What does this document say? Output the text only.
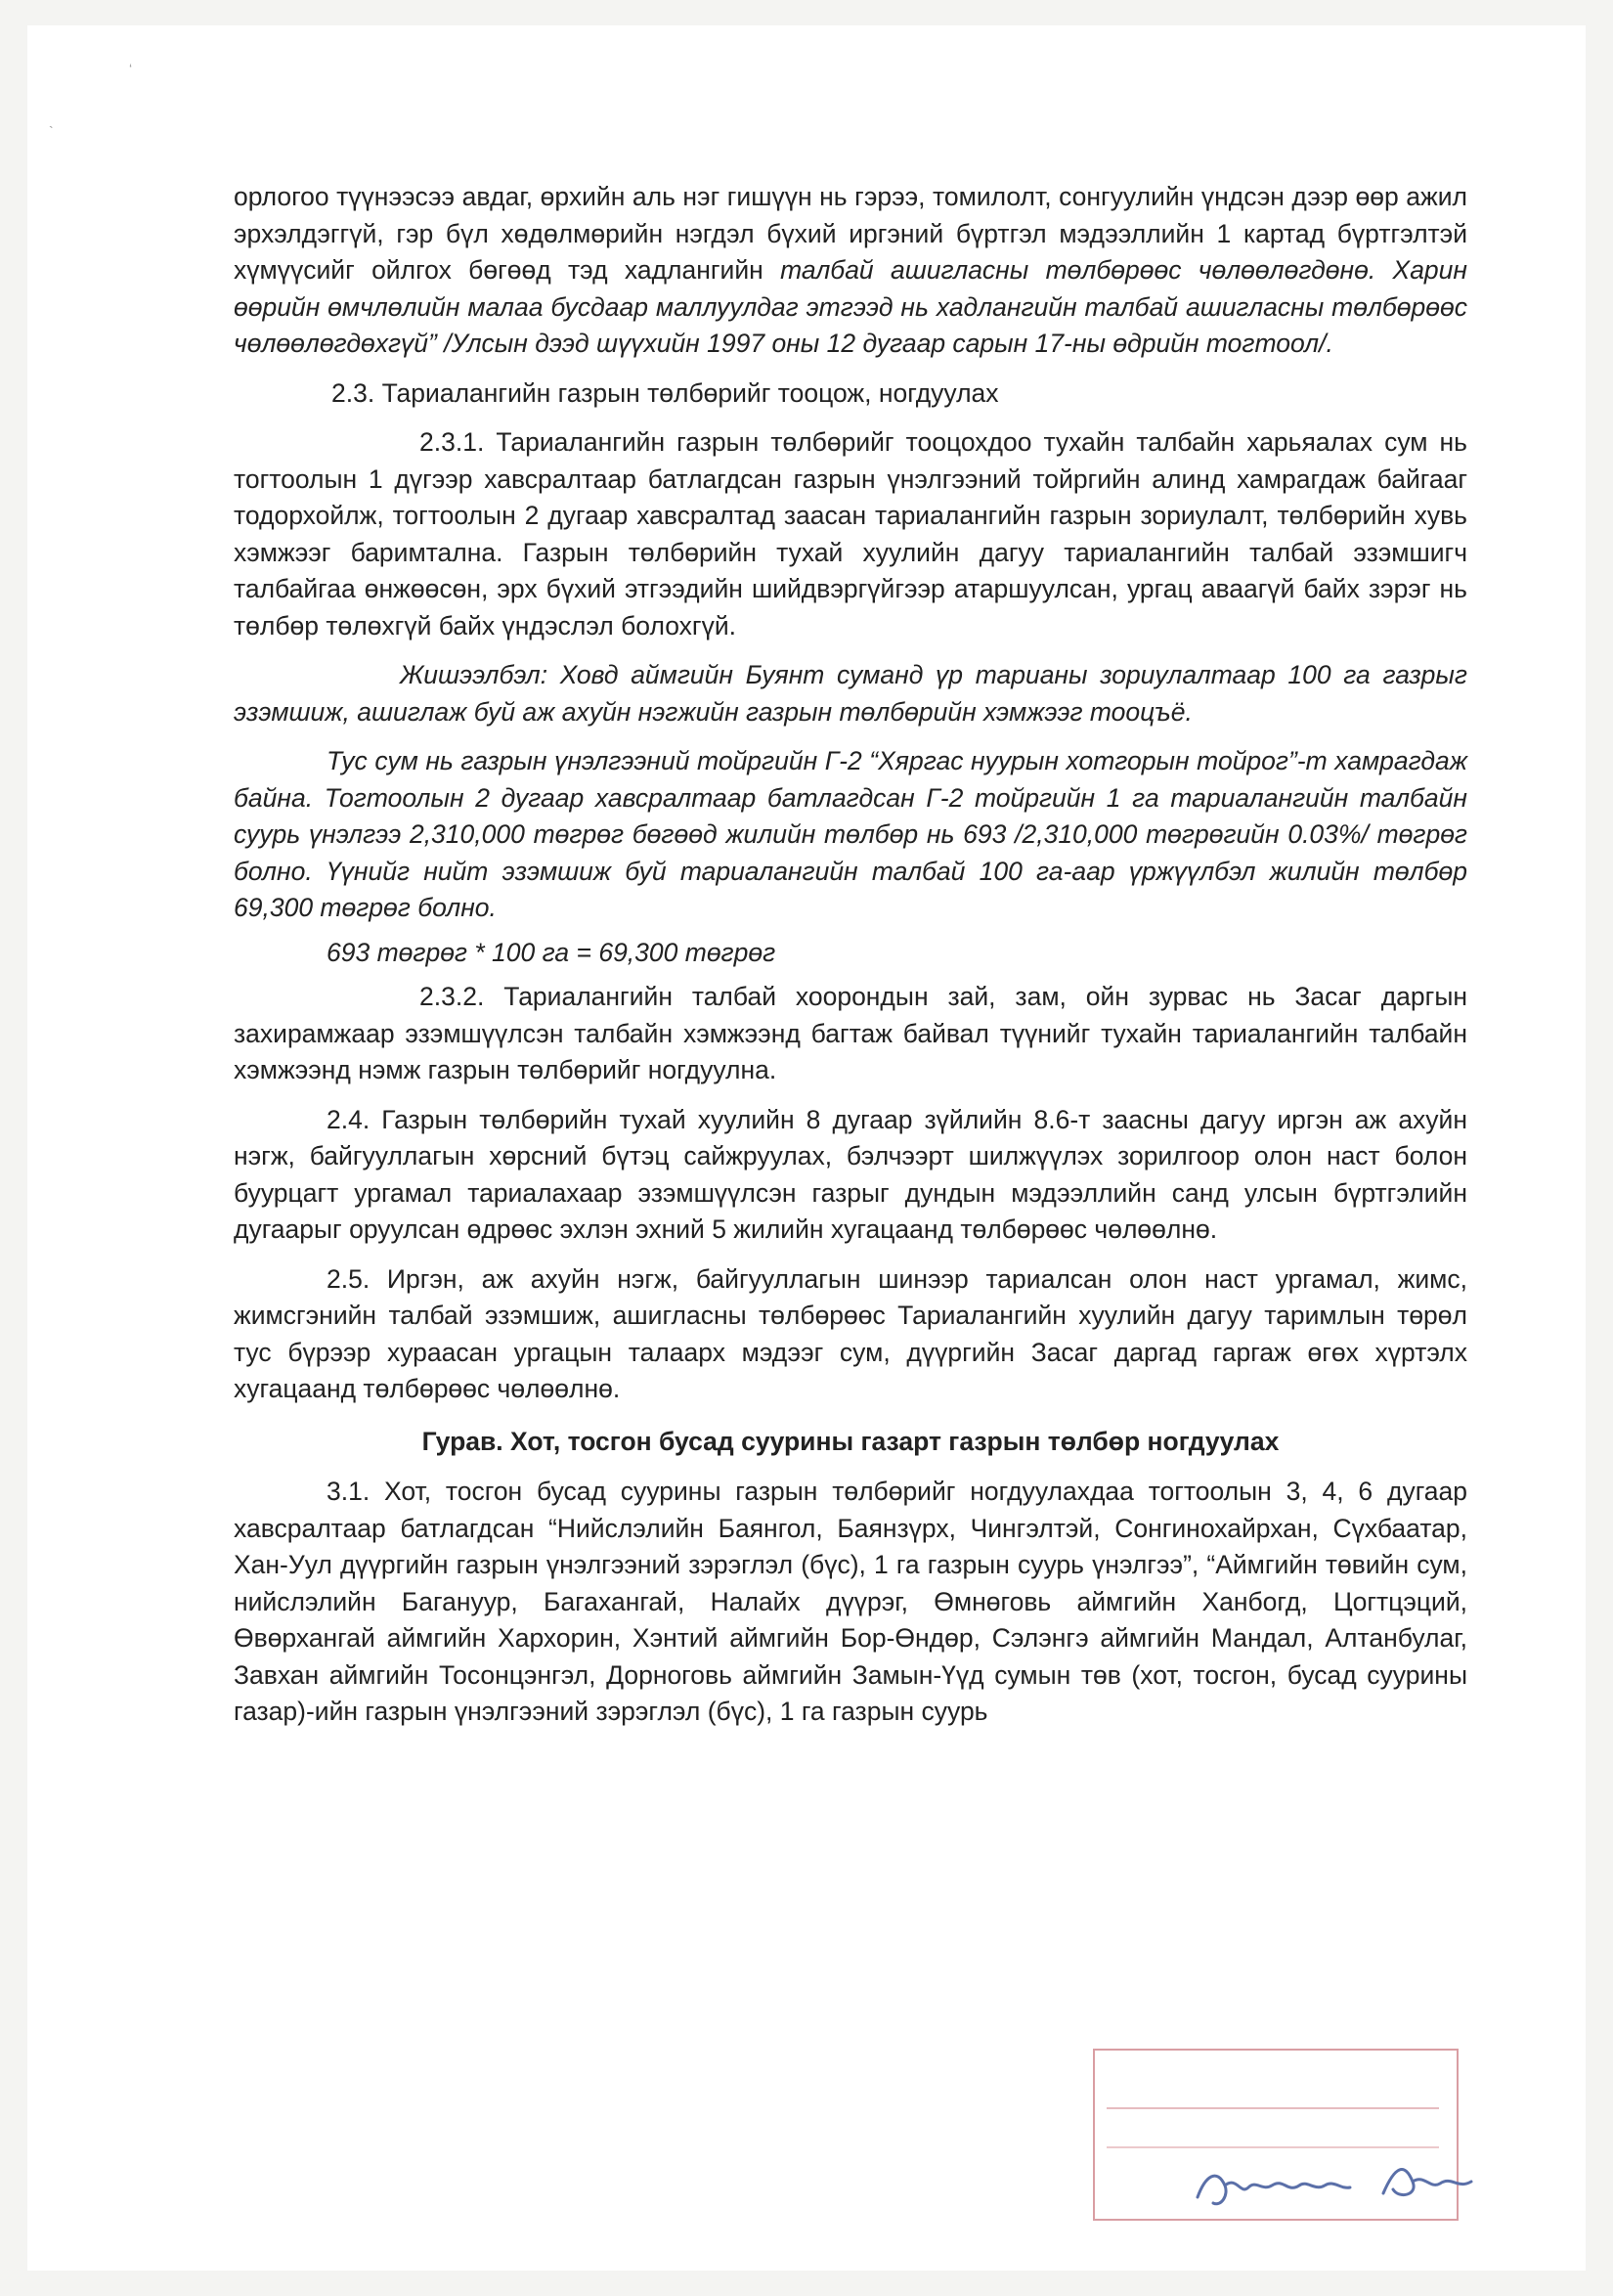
‘
`

орлогоо түүнээсээ авдаг, өрхийн аль нэг гишүүн нь гэрээ, томилолт, сонгуулийн үндсэн дээр өөр ажил эрхэлдэггүй, гэр бүл хөдөлмөрийн нэгдэл бүхий иргэний бүртгэл мэдээллийн 1 картад бүртгэлтэй хүмүүсийг ойлгох бөгөөд тэд хадлангийн талбай ашигласны төлбөрөөс чөлөөлөгдөнө. Харин өөрийн өмчлөлийн малаа бусдаар маллуулдаг этгээд нь хадлангийн талбай ашигласны төлбөрөөс чөлөөлөгдөхгүй” /Улсын дээд шүүхийн 1997 оны 12 дугаар сарын 17-ны өдрийн тогтоол/.

2.3. Тариалангийн газрын төлбөрийг тооцож, ногдуулах

2.3.1. Тариалангийн газрын төлбөрийг тооцохдоо тухайн талбайн харьяалах сум нь тогтоолын 1 дүгээр хавсралтаар батлагдсан газрын үнэлгээний тойргийн алинд хамрагдаж байгааг тодорхойлж, тогтоолын 2 дугаар хавсралтад заасан тариалангийн газрын зориулалт, төлбөрийн хувь хэмжээг баримтална. Газрын төлбөрийн тухай хуулийн дагуу тариалангийн талбай эзэмшигч талбайгаа өнжөөсөн, эрх бүхий этгээдийн шийдвэргүйгээр атаршуулсан, ургац аваагүй байх зэрэг нь төлбөр төлөхгүй байх үндэслэл болохгүй.

Жишээлбэл: Ховд аймгийн Буянт суманд үр тарианы зориулалтаар 100 га газрыг эзэмшиж, ашиглаж буй аж ахуйн нэгжийн газрын төлбөрийн хэмжээг тооцъё.

Тус сум нь газрын үнэлгээний тойргийн Г-2 “Хяргас нуурын хотгорын тойрог”-т хамрагдаж байна. Тогтоолын 2 дугаар хавсралтаар батлагдсан Г-2 тойргийн 1 га тариалангийн талбайн суурь үнэлгээ 2,310,000 төгрөг бөгөөд жилийн төлбөр нь 693 /2,310,000 төгрөгийн 0.03%/ төгрөг болно. Үүнийг нийт эзэмшиж буй тариалангийн талбай 100 га-аар үржүүлбэл жилийн төлбөр 69,300 төгрөг болно.

693 төгрөг * 100 га = 69,300 төгрөг

2.3.2. Тариалангийн талбай хоорондын зай, зам, ойн зурвас нь Засаг даргын захирамжаар эзэмшүүлсэн талбайн хэмжээнд багтаж байвал түүнийг тухайн тариалангийн талбайн хэмжээнд нэмж газрын төлбөрийг ногдуулна.

2.4. Газрын төлбөрийн тухай хуулийн 8 дугаар зүйлийн 8.6-т заасны дагуу иргэн аж ахуйн нэгж, байгууллагын хөрсний бүтэц сайжруулах, бэлчээрт шилжүүлэх зорилгоор олон наст болон буурцагт ургамал тариалахаар эзэмшүүлсэн газрыг дундын мэдээллийн санд улсын бүртгэлийн дугаарыг оруулсан өдрөөс эхлэн эхний 5 жилийн хугацаанд төлбөрөөс чөлөөлнө.

2.5. Иргэн, аж ахуйн нэгж, байгууллагын шинээр тариалсан олон наст ургамал, жимс, жимсгэнийн талбай эзэмшиж, ашигласны төлбөрөөс Тариалангийн хуулийн дагуу таримлын төрөл тус бүрээр хураасан ургацын талаарх мэдээг сум, дүүргийн Засаг даргад гаргаж өгөх хүртэлх хугацаанд төлбөрөөс чөлөөлнө.

Гурав. Хот, тосгон бусад суурины газарт газрын төлбөр ногдуулах

3.1. Хот, тосгон бусад суурины газрын төлбөрийг ногдуулахдаа тогтоолын 3, 4, 6 дугаар хавсралтаар батлагдсан “Нийслэлийн Баянгол, Баянзүрх, Чингэлтэй, Сонгинохайрхан, Сүхбаатар, Хан-Уул дүүргийн газрын үнэлгээний зэрэглэл (бүс), 1 га газрын суурь үнэлгээ”, “Аймгийн төвийн сум, нийслэлийн Багануур, Багахангай, Налайх дүүрэг, Өмнөговь аймгийн Ханбогд, Цогтцэций, Өвөрхангай аймгийн Хархорин, Хэнтий аймгийн Бор-Өндөр, Сэлэнгэ аймгийн Мандал, Алтанбулаг, Завхан аймгийн Тосонцэнгэл, Дорноговь аймгийн Замын-Үүд сумын төв (хот, тосгон, бусад суурины газар)-ийн газрын үнэлгээний зэрэглэл (бүс), 1 га газрын суурь
